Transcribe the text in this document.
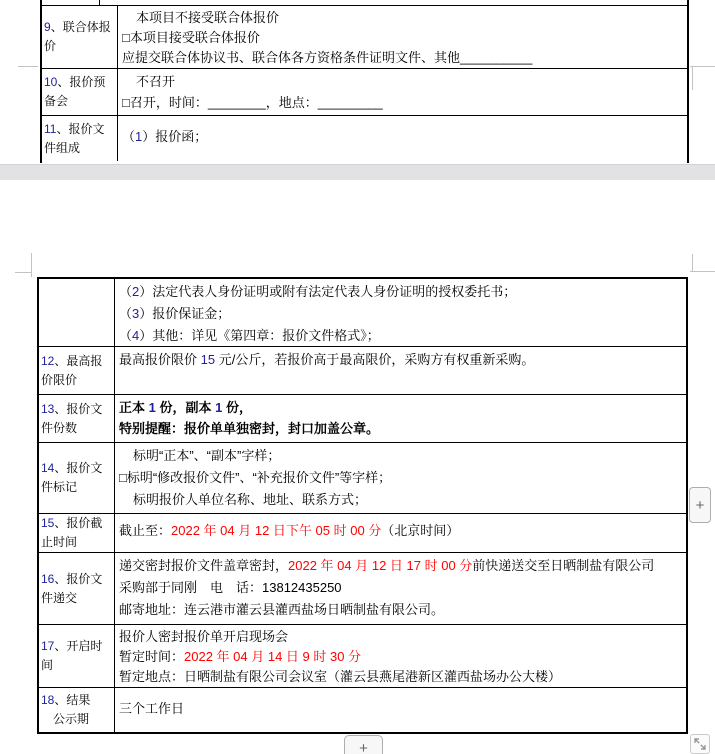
9、联合体报
价
本项目不接受联合体报价
□本项目接受联合体报价
应提交联合体协议书、联合体各方资格条件证明文件、其他__________
10、报价预
备会
不召开
□召开，时间：________，地点：_________
11、报价文
件组成
（1）报价函；
（2）法定代表人身份证明或附有法定代表人身份证明的授权委托书；
（3）报价保证金；
（4）其他：详见《第四章：报价文件格式》；
12、最高报
价限价
最高报价限价 15 元/公斤，若报价高于最高限价，采购方有权重新采购。
13、报价文
件份数
正本 1 份，副本 1 份，
特别提醒：报价单单独密封，封口加盖公章。
14、报价文
件标记
标明“正本”、“副本”字样；
□标明“修改报价文件”、“补充报价文件”等字样；
标明报价人单位名称、地址、联系方式；
15、报价截
止时间
截止至：2022 年 04 月 12 日下午 05 时 00 分（北京时间）
16、报价文
件递交
递交密封报价文件盖章密封，2022 年 04 月 12 日 17 时 00 分前快递送交至日晒制盐有限公司
采购部于同刚　电　话：13812435250
邮寄地址：连云港市灌云县灌西盐场日晒制盐有限公司。
17、开启时
间
报价人密封报价单开启现场会
暂定时间：2022 年 04 月 14 日 9 时 30 分
暂定地点：日晒制盐有限公司会议室（灌云县燕尾港新区灌西盐场办公大楼）
18、结果
公示期
三个工作日
+
+
